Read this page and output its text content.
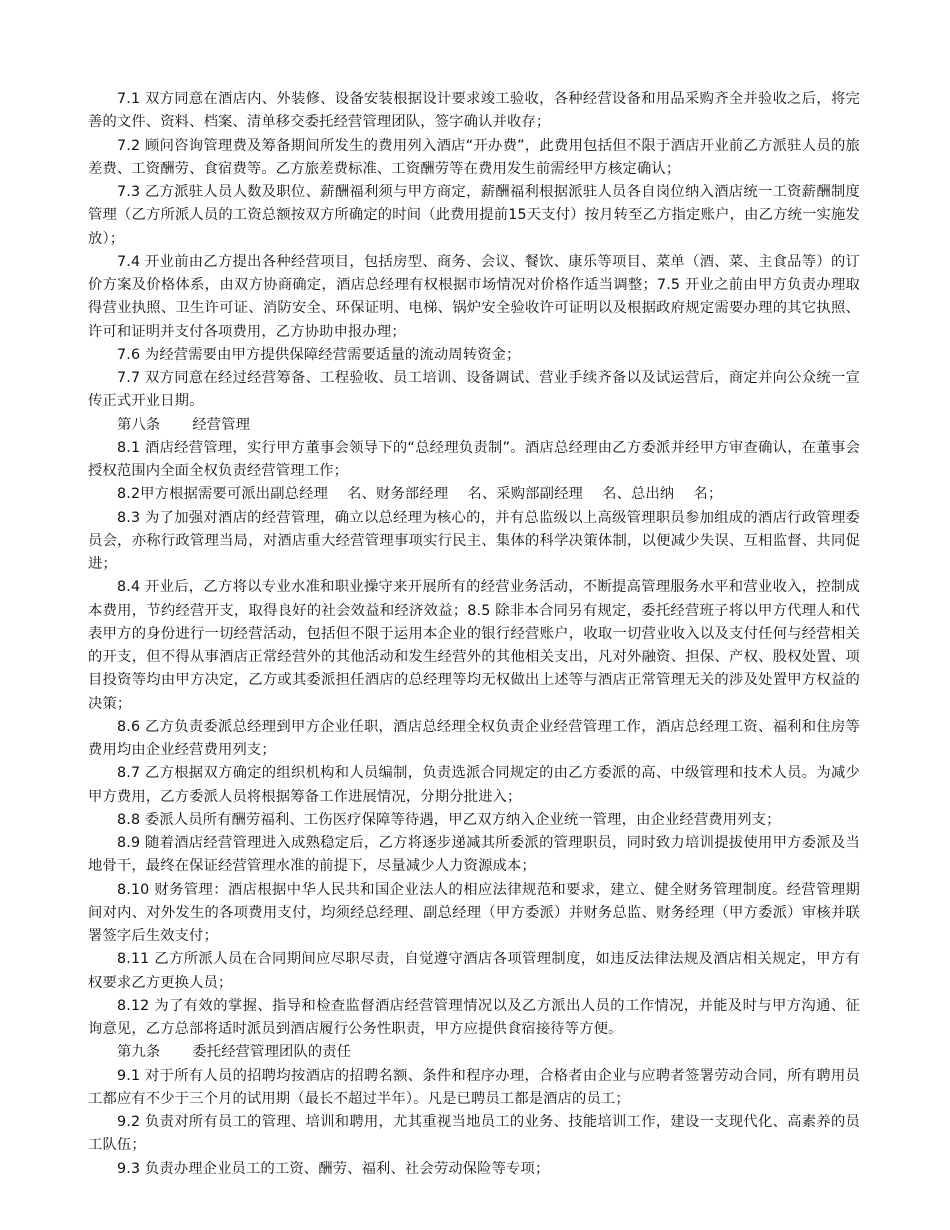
7.1 双方同意在酒店内、外装修、设备安装根据设计要求竣工验收，各种经营设备和用品采购齐全并验收之后，将完善的文件、资料、档案、清单移交委托经营管理团队，签字确认并收存；

7.2 顾问咨询管理费及筹备期间所发生的费用列入酒店“开办费”，此费用包括但不限于酒店开业前乙方派驻人员的旅差费、工资酬劳、食宿费等。乙方旅差费标准、工资酬劳等在费用发生前需经甲方核定确认；

7.3 乙方派驻人员人数及职位、薪酬福利须与甲方商定，薪酬福利根据派驻人员各自岗位纳入酒店统一工资薪酬制度管理（乙方所派人员的工资总额按双方所确定的时间（此费用提前15天支付）按月转至乙方指定账户，由乙方统一实施发放）；

7.4 开业前由乙方提出各种经营项目，包括房型、商务、会议、餐饮、康乐等项目、菜单（酒、菜、主食品等）的订价方案及价格体系，由双方协商确定，酒店总经理有权根据市场情况对价格作适当调整；7.5 开业之前由甲方负责办理取得营业执照、卫生许可证、消防安全、环保证明、电梯、锅炉安全验收许可证明以及根据政府规定需要办理的其它执照、许可和证明并支付各项费用，乙方协助申报办理；

7.6 为经营需要由甲方提供保障经营需要适量的流动周转资金；

7.7 双方同意在经过经营筹备、工程验收、员工培训、设备调试、营业手续齐备以及试运营后，商定并向公众统一宣传正式开业日期。

第八条 经营管理

8.1 酒店经营管理，实行甲方董事会领导下的“总经理负责制”。酒店总经理由乙方委派并经甲方审查确认，在董事会授权范围内全面全权负责经营管理工作；

8.2甲方根据需要可派出副总经理　 名、财务部经理　 名、采购部副经理　 名、总出纳　 名；

8.3 为了加强对酒店的经营管理，确立以总经理为核心的，并有总监级以上高级管理职员参加组成的酒店行政管理委员会，亦称行政管理当局，对酒店重大经营管理事项实行民主、集体的科学决策体制，以便减少失误、互相监督、共同促进；

8.4 开业后，乙方将以专业水准和职业操守来开展所有的经营业务活动，不断提高管理服务水平和营业收入，控制成本费用，节约经营开支，取得良好的社会效益和经济效益；8.5 除非本合同另有规定，委托经营班子将以甲方代理人和代表甲方的身份进行一切经营活动，包括但不限于运用本企业的银行经营账户，收取一切营业收入以及支付任何与经营相关的开支，但不得从事酒店正常经营外的其他活动和发生经营外的其他相关支出，凡对外融资、担保、产权、股权处置、项目投资等均由甲方决定，乙方或其委派担任酒店的总经理等均无权做出上述等与酒店正常管理无关的涉及处置甲方权益的决策；

8.6 乙方负责委派总经理到甲方企业任职，酒店总经理全权负责企业经营管理工作，酒店总经理工资、福利和住房等费用均由企业经营费用列支；

8.7 乙方根据双方确定的组织机构和人员编制，负责选派合同规定的由乙方委派的高、中级管理和技术人员。为减少甲方费用，乙方委派人员将根据筹备工作进展情况，分期分批进入；

8.8 委派人员所有酬劳福利、工伤医疗保障等待遇，甲乙双方纳入企业统一管理，由企业经营费用列支；

8.9 随着酒店经营管理进入成熟稳定后，乙方将逐步递减其所委派的管理职员，同时致力培训提拔使用甲方委派及当地骨干，最终在保证经营管理水准的前提下，尽量减少人力资源成本；

8.10 财务管理：酒店根据中华人民共和国企业法人的相应法律规范和要求，建立、健全财务管理制度。经营管理期间对内、对外发生的各项费用支付，均须经总经理、副总经理（甲方委派）并财务总监、财务经理（甲方委派）审核并联署签字后生效支付；

8.11 乙方所派人员在合同期间应尽职尽责，自觉遵守酒店各项管理制度，如违反法律法规及酒店相关规定，甲方有权要求乙方更换人员；

8.12 为了有效的掌握、指导和检查监督酒店经营管理情况以及乙方派出人员的工作情况，并能及时与甲方沟通、征询意见，乙方总部将适时派员到酒店履行公务性职责，甲方应提供食宿接待等方便。

第九条 委托经营管理团队的责任

9.1 对于所有人员的招聘均按酒店的招聘名额、条件和程序办理，合格者由企业与应聘者签署劳动合同，所有聘用员工都应有不少于三个月的试用期（最长不超过半年）。凡是已聘员工都是酒店的员工；

9.2 负责对所有员工的管理、培训和聘用，尤其重视当地员工的业务、技能培训工作，建设一支现代化、高素养的员工队伍；

9.3 负责办理企业员工的工资、酬劳、福利、社会劳动保险等专项；
